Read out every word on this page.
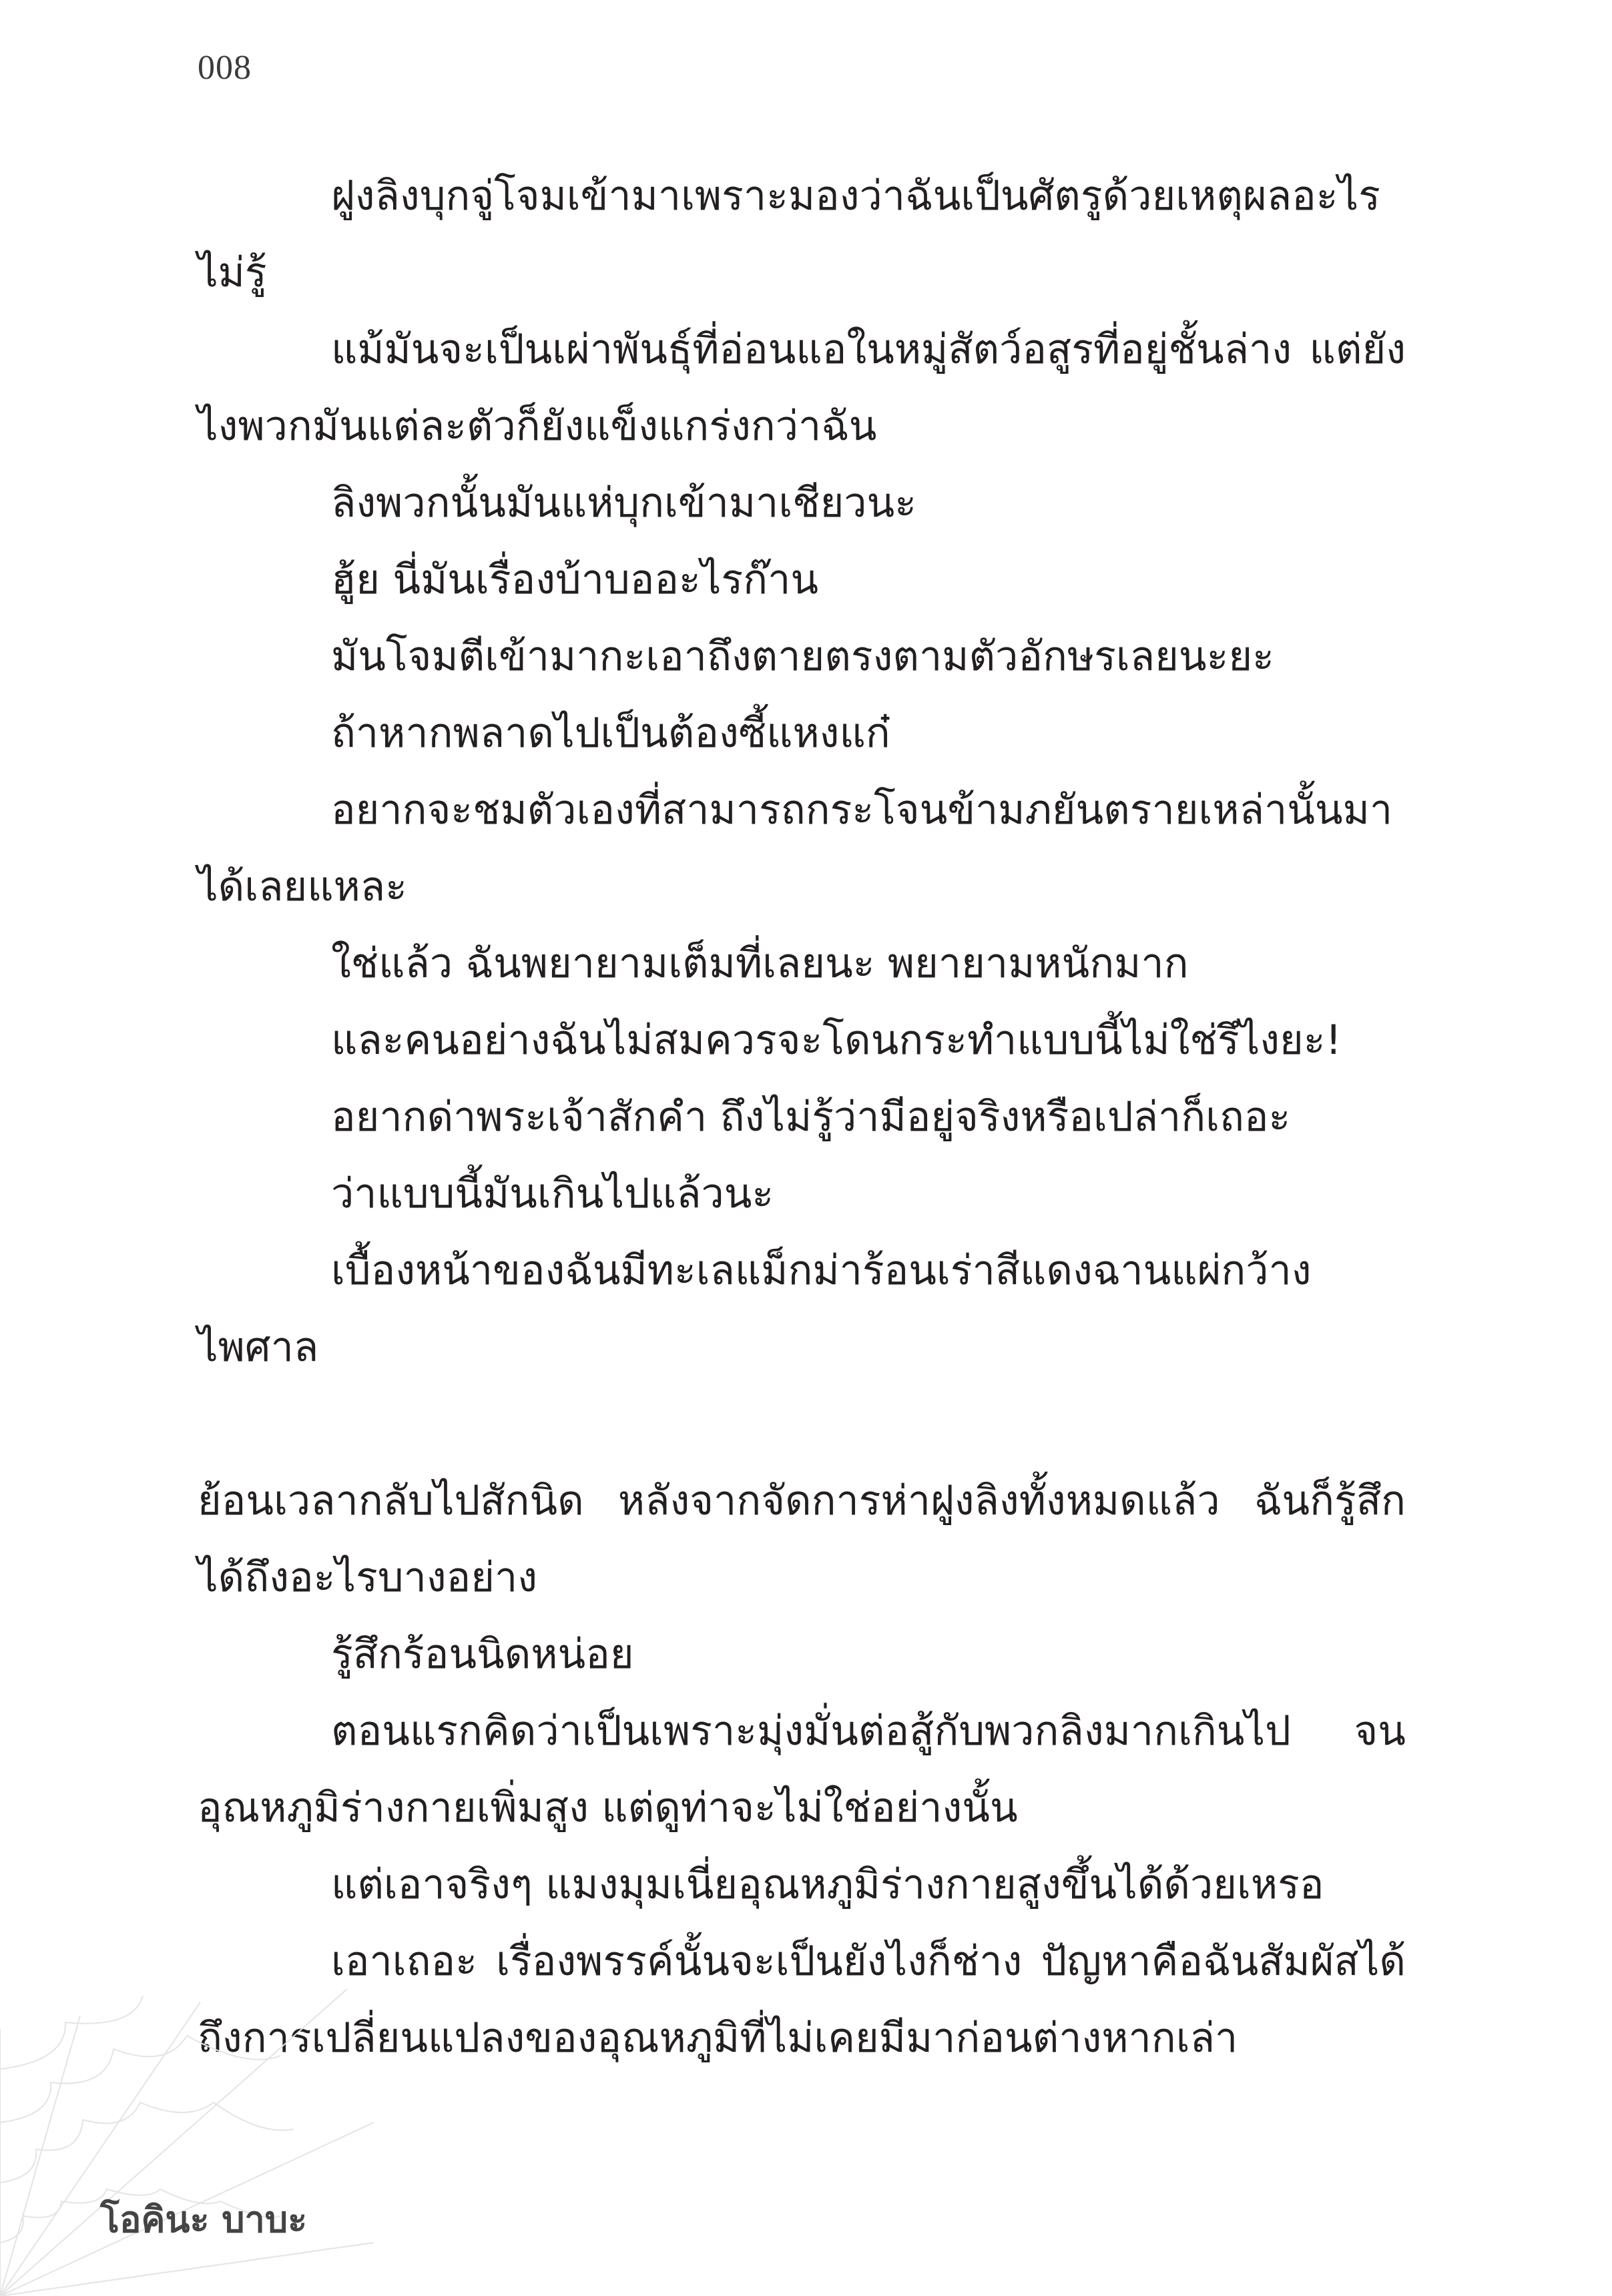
008

ฝูงลิงบุกจู่โจมเข้ามาเพราะมองว่าฉันเป็นศัตรูด้วยเหตุผลอะไรไม่รู้

แม้มันจะเป็นเผ่าพันธุ์ที่อ่อนแอในหมู่สัตว์อสูรที่อยู่ชั้นล่าง แต่ยังไงพวกมันแต่ละตัวก็ยังแข็งแกร่งกว่าฉัน

ลิงพวกนั้นมันแห่บุกเข้ามาเชียวนะ

ฮู้ย นี่มันเรื่องบ้าบออะไรก๊าน

มันโจมตีเข้ามากะเอาถึงตายตรงตามตัวอักษรเลยนะยะ

ถ้าหากพลาดไปเป็นต้องซี้แหงแก๋

อยากจะชมตัวเองที่สามารถกระโจนข้ามภยันตรายเหล่านั้นมาได้เลยแหละ

ใช่แล้ว ฉันพยายามเต็มที่เลยนะ พยายามหนักมาก

และคนอย่างฉันไม่สมควรจะโดนกระทำแบบนี้ไม่ใช่รึไงยะ!

อยากด่าพระเจ้าสักคำ ถึงไม่รู้ว่ามีอยู่จริงหรือเปล่าก็เถอะ

ว่าแบบนี้มันเกินไปแล้วนะ

เบื้องหน้าของฉันมีทะเลแม็กม่าร้อนเร่าสีแดงฉานแผ่กว้างไพศาล

ย้อนเวลากลับไปสักนิด หลังจากจัดการห่าฝูงลิงทั้งหมดแล้ว ฉันก็รู้สึกได้ถึงอะไรบางอย่าง

รู้สึกร้อนนิดหน่อย

ตอนแรกคิดว่าเป็นเพราะมุ่งมั่นต่อสู้กับพวกลิงมากเกินไป จนอุณหภูมิร่างกายเพิ่มสูง แต่ดูท่าจะไม่ใช่อย่างนั้น

แต่เอาจริงๆ แมงมุมเนี่ยอุณหภูมิร่างกายสูงขึ้นได้ด้วยเหรอ

เอาเถอะ เรื่องพรรค์นั้นจะเป็นยังไงก็ช่าง ปัญหาคือฉันสัมผัสได้ถึงการเปลี่ยนแปลงของอุณหภูมิที่ไม่เคยมีมาก่อนต่างหากเล่า

โอคินะ บาบะ
